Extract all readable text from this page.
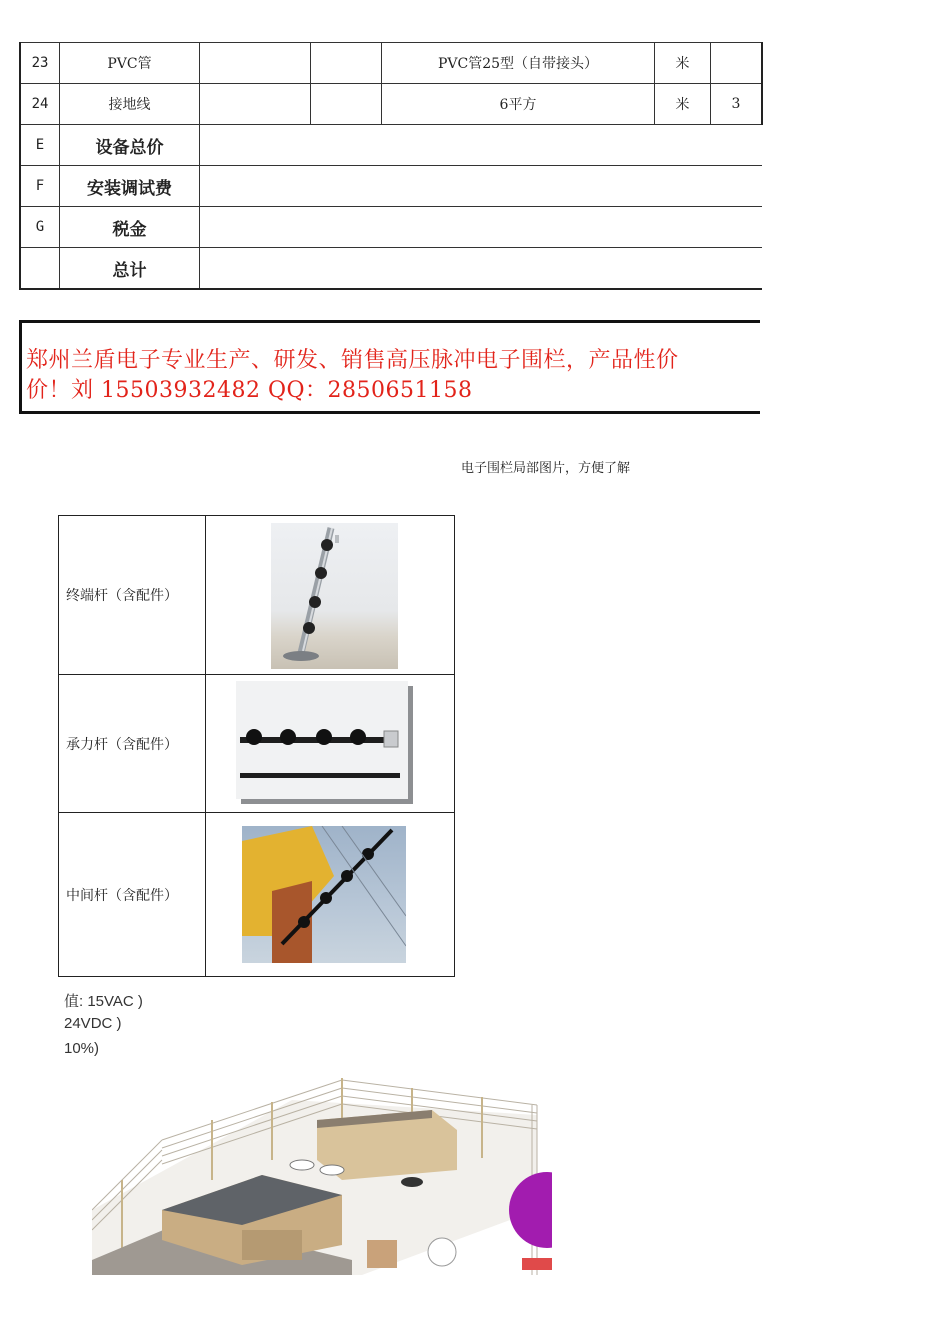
23	PVC管			PVC管25型（自带接头）	米	
24	接地线			6平方	米	3
E	设备总价					
F	安装调试费					
G	税金					
	总计					
郑州兰盾电子专业生产、研发、销售高压脉冲电子围栏，产品性价
价！刘 15503932482 QQ：2850651158
电子围栏局部图片，方便了解
终端杆（含配件）	

承力杆（含配件）	

中间杆（含配件）	
值: 15VAC )
24VDC )
10%)
